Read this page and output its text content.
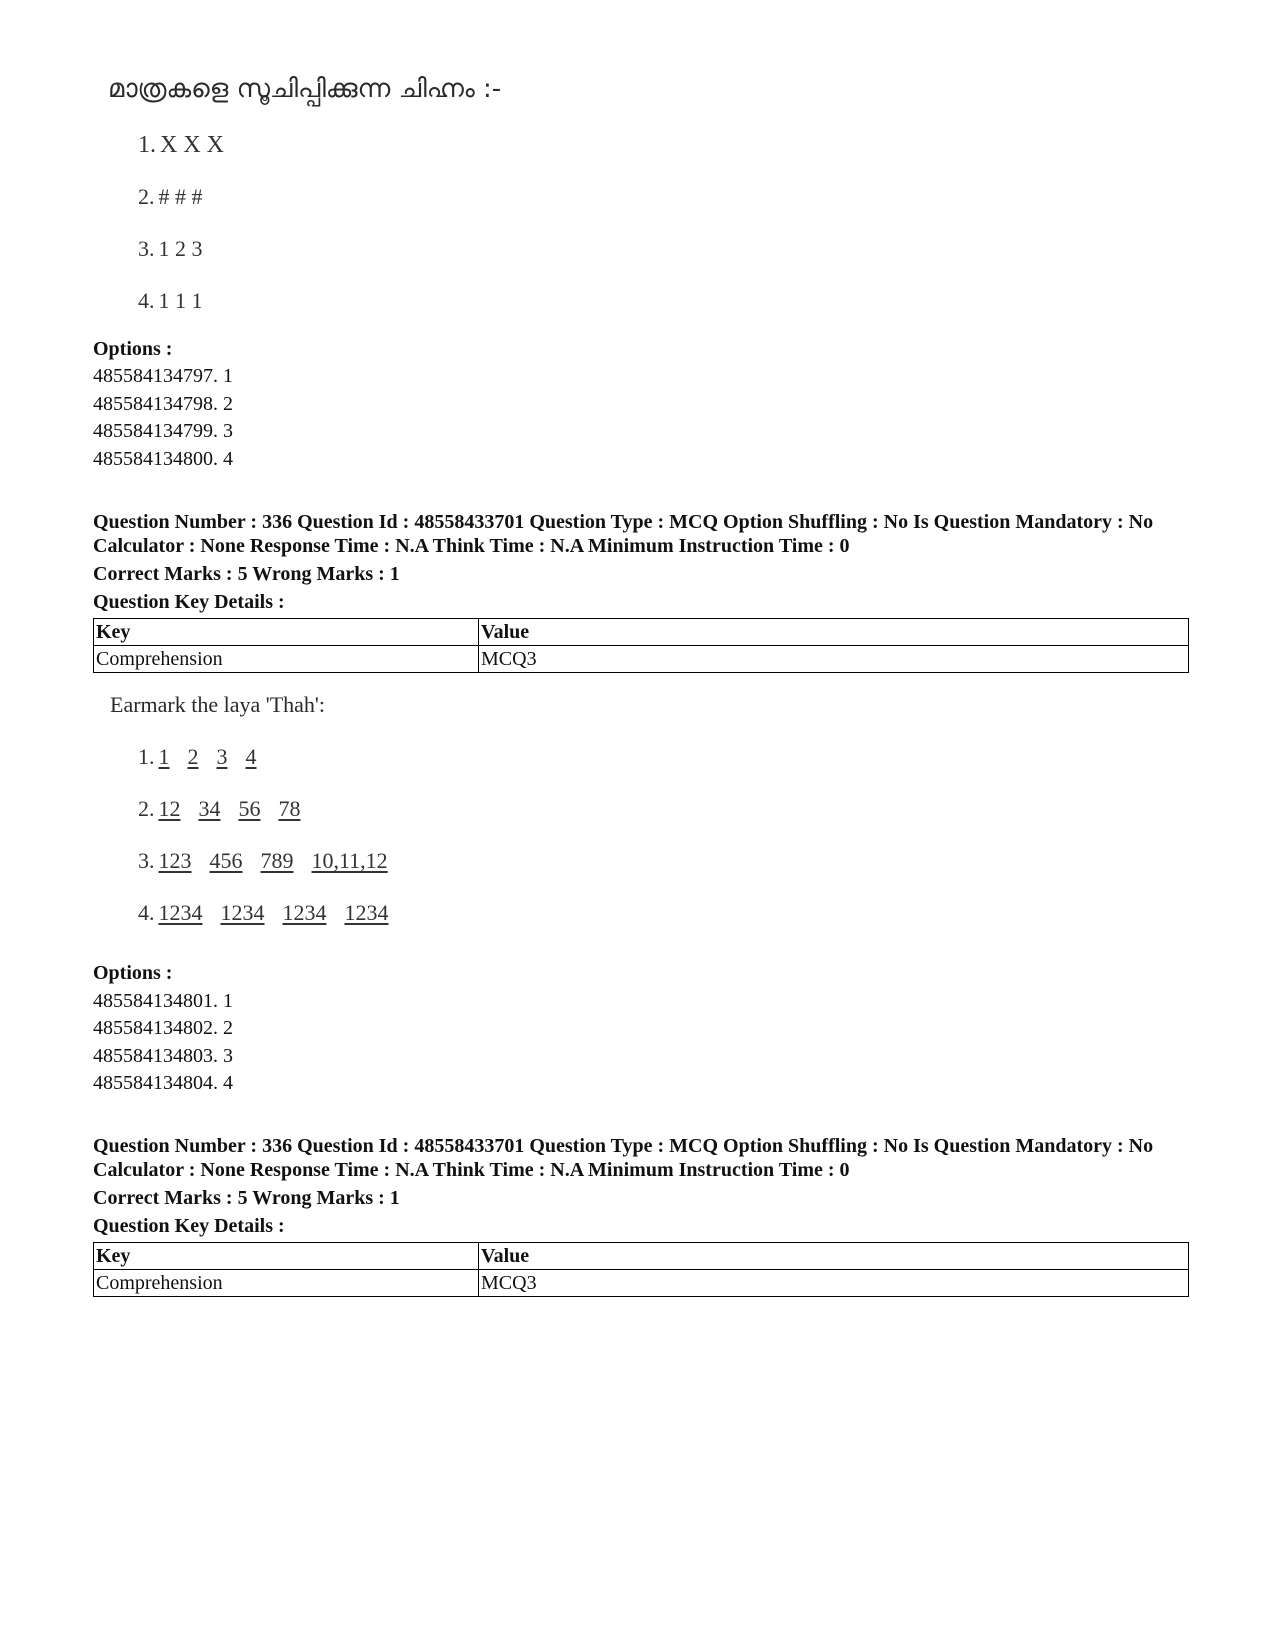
മാത്രകളെ സൂചിപ്പിക്കുന്ന ചിഹ്നം :-
1. X X X
2. # # #
3. 1 2 3
4. 1 1 1
Options :
485584134797. 1
485584134798. 2
485584134799. 3
485584134800. 4
Question Number : 336 Question Id : 48558433701 Question Type : MCQ Option Shuffling : No Is Question Mandatory : No Calculator : None Response Time : N.A Think Time : N.A Minimum Instruction Time : 0
Correct Marks : 5 Wrong Marks : 1
Question Key Details :
Key	Value
Comprehension	MCQ3
Earmark the laya 'Thah':
1. 1 2 3 4
2. 12 34 56 78
3. 123 456 789 10,11,12
4. 1234 1234 1234 1234
Options :
485584134801. 1
485584134802. 2
485584134803. 3
485584134804. 4
Question Number : 336 Question Id : 48558433701 Question Type : MCQ Option Shuffling : No Is Question Mandatory : No Calculator : None Response Time : N.A Think Time : N.A Minimum Instruction Time : 0
Correct Marks : 5 Wrong Marks : 1
Question Key Details :
Key	Value
Comprehension	MCQ3
